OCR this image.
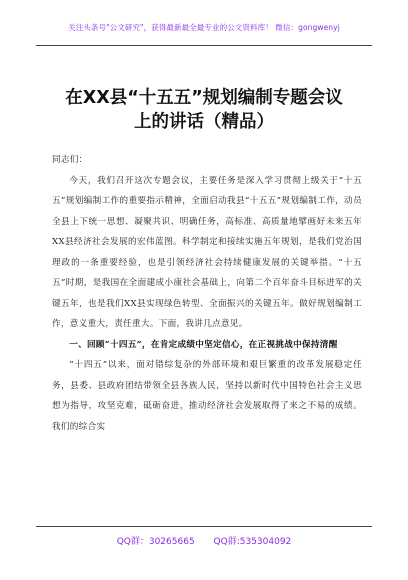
关注头条号"公文研究"，获得最新最全最专业的公文资料库！ 微信：gongwenyj
在XX县“十五五”规划编制专题会议
上的讲话（精品）

同志们：

今天，我们召开这次专题会议，主要任务是深入学习贯彻上级关于“十五五”规划编制工作的重要指示精神，全面启动我县“十五五”规划编制工作，动员全县上下统一思想、凝聚共识、明确任务，高标准、高质量地擘画好未来五年XX县经济社会发展的宏伟蓝图。科学制定和接续实施五年规划，是我们党治国理政的一条重要经验，也是引领经济社会持续健康发展的关键举措。“十五五”时期，是我国在全面建成小康社会基础上，向第二个百年奋斗目标进军的关键五年，也是我们XX县实现绿色转型、全面振兴的关键五年。做好规划编制工作，意义重大，责任重大。下面，我讲几点意见。

一、回顾“十四五”，在肯定成绩中坚定信心，在正视挑战中保持清醒

“十四五”以来，面对错综复杂的外部环境和艰巨繁重的改革发展稳定任务，县委、县政府团结带领全县各族人民，坚持以新时代中国特色社会主义思想为指导，攻坚克难，砥砺奋进，推动经济社会发展取得了来之不易的成绩。我们的综合实

QQ群：30265665 QQ群:535304092
